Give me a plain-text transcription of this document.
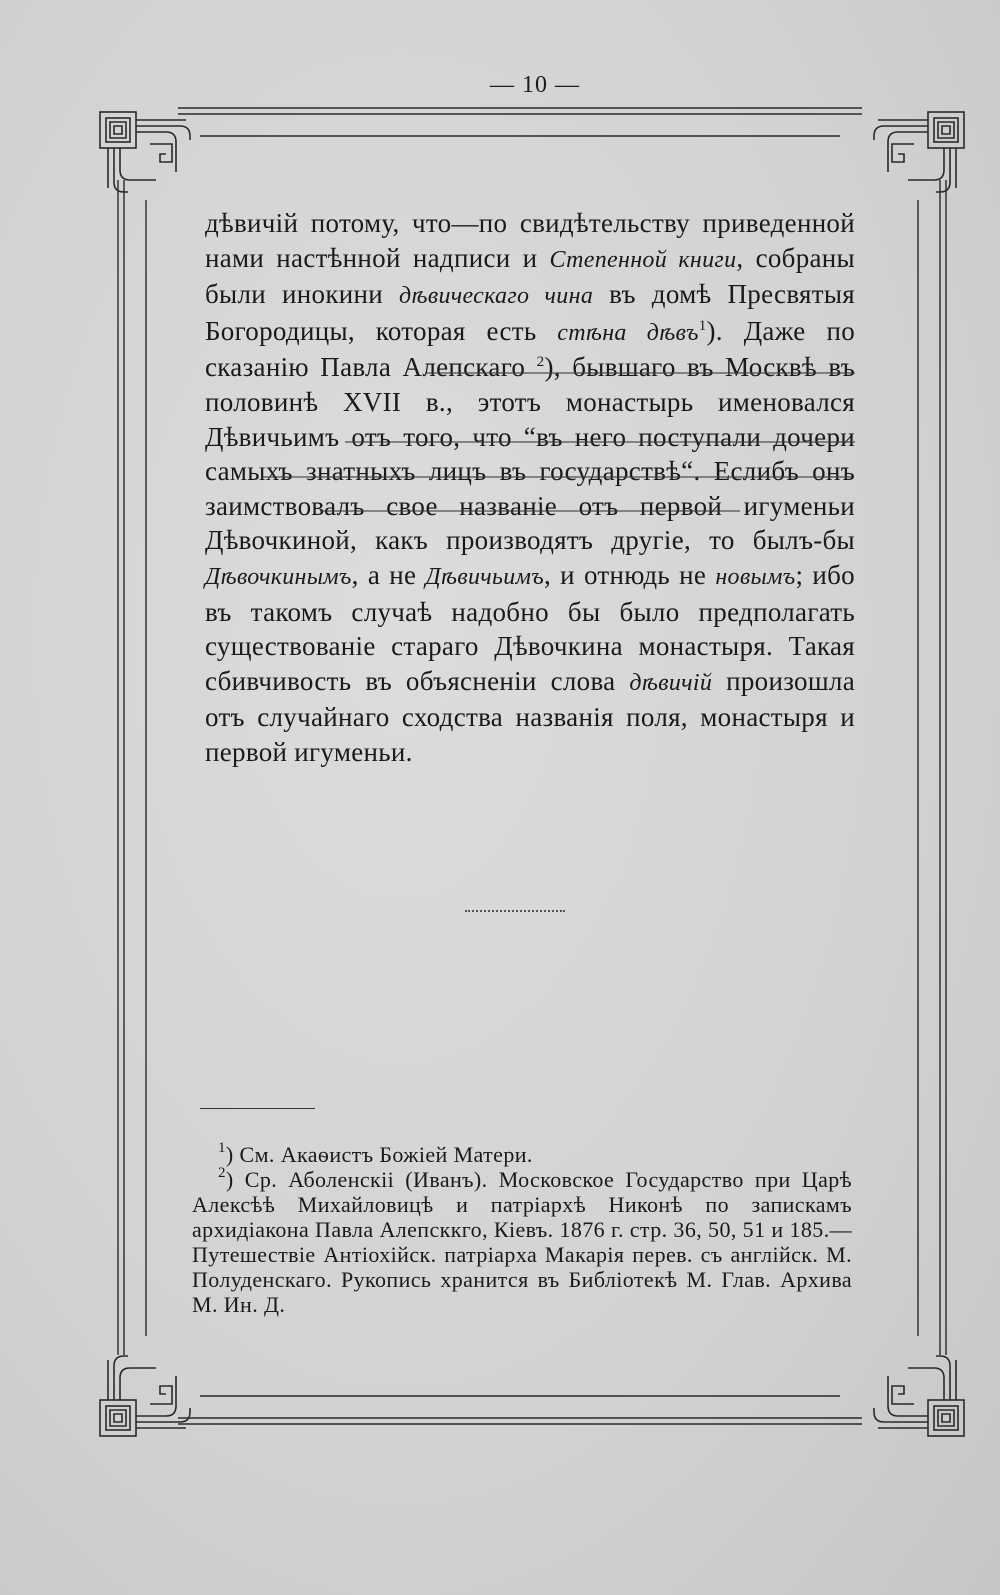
— 10 —

дѣвичій потому, что—по свидѣтельству приведенной нами настѣнной надписи и Степенной книги, собраны были инокини дѣвическаго чина въ домѣ Пресвятыя Богородицы, которая есть стѣна дѣвъ$^1$). Даже по сказанію Павла Алепскаго $^2$), бывшаго въ Москвѣ въ половинѣ XVII в., этотъ монастырь именовался Дѣвичьимъ отъ того, что “въ него поступали дочери самыхъ знатныхъ лицъ въ государствѣ“. Еслибъ онъ заимствовалъ свое названіе отъ первой игуменьи Дѣвочкиной, какъ производятъ другіе, то былъ-бы Дѣвочкинымъ, а не Дѣвичьимъ, и отнюдь не новымъ; ибо въ такомъ случаѣ надобно бы было предполагать существованіе стараго Дѣвочкина монастыря. Такая сбивчивость въ объясненіи слова дѣвичій произошла отъ случайнаго сходства названія поля, монастыря и первой игуменьи.

$^1$) См. Акаѳистъ Божіей Матери.

$^2$) Ср. Аболенскіі (Иванъ). Московское Государство при Царѣ Алексѣѣ Михайловицѣ и патріархѣ Никонѣ по запискамъ архидіакона Павла Алепсккго, Кіевъ. 1876 г. стр. 36, 50, 51 и 185.—Путешествіе Антіохійск. патріарха Макарія перев. съ англійск. М. Полуденскаго. Рукопись хранится въ Библіотекѣ М. Глав. Архива М. Ин. Д.
